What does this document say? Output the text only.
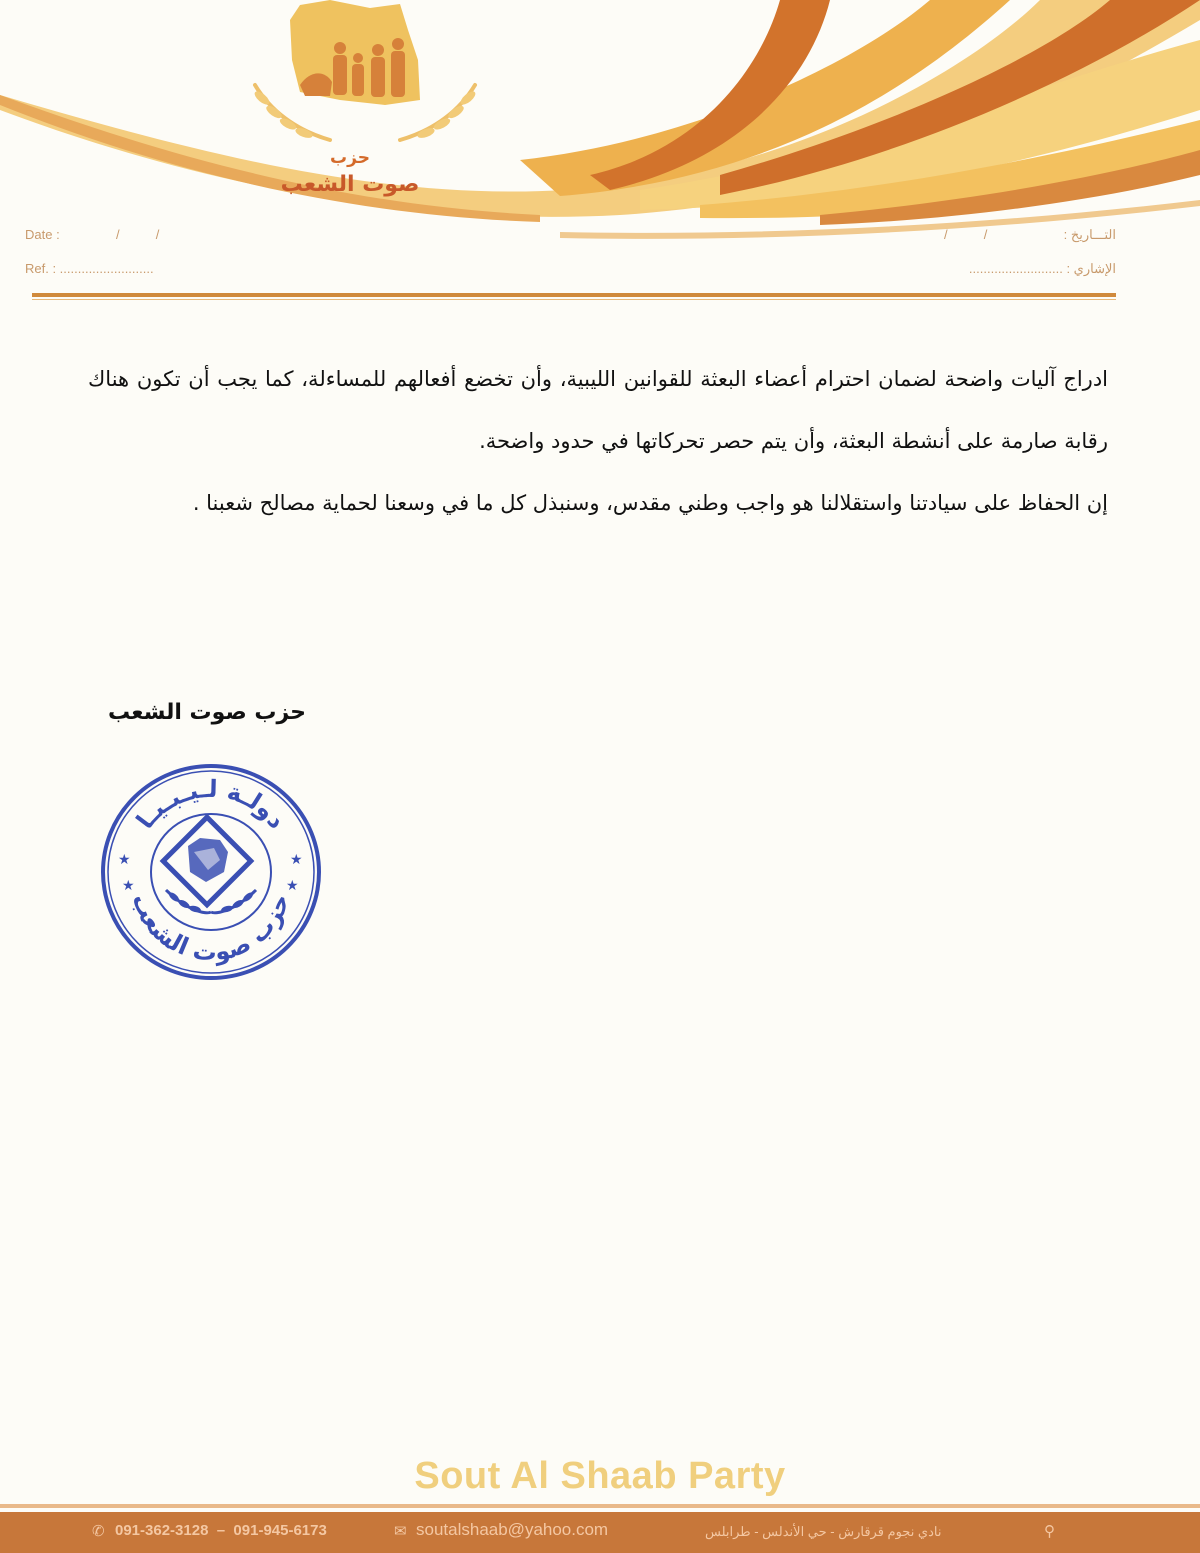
حزب
صوت الشعب
Date :	/          /
Ref. : ..........................
التـــاريخ :
/          /
الإشاري : ..........................

ادراج آليات واضحة لضمان احترام أعضاء البعثة للقوانين الليبية، وأن تخضع أفعالهم للمساءلة، كما يجب أن تكون هناك رقابة صارمة على أنشطة البعثة، وأن يتم حصر تحركاتها في حدود واضحة.

إن الحفاظ على سيادتنا واستقلالنا هو واجب وطني مقدس، وسنبذل كل ما في وسعنا لحماية مصالح شعبنا .

حزب صوت الشعب
دولـة لـيـبـيـا
حزب صوت الشعب
★
★
★
★
Sout Al Shaab Party
✆ 091-362-3128  –  091-945-6173	✉ soutalshaab@yahoo.com	نادي نجوم قرقارش - حي الأندلس - طرابلس	⚲
